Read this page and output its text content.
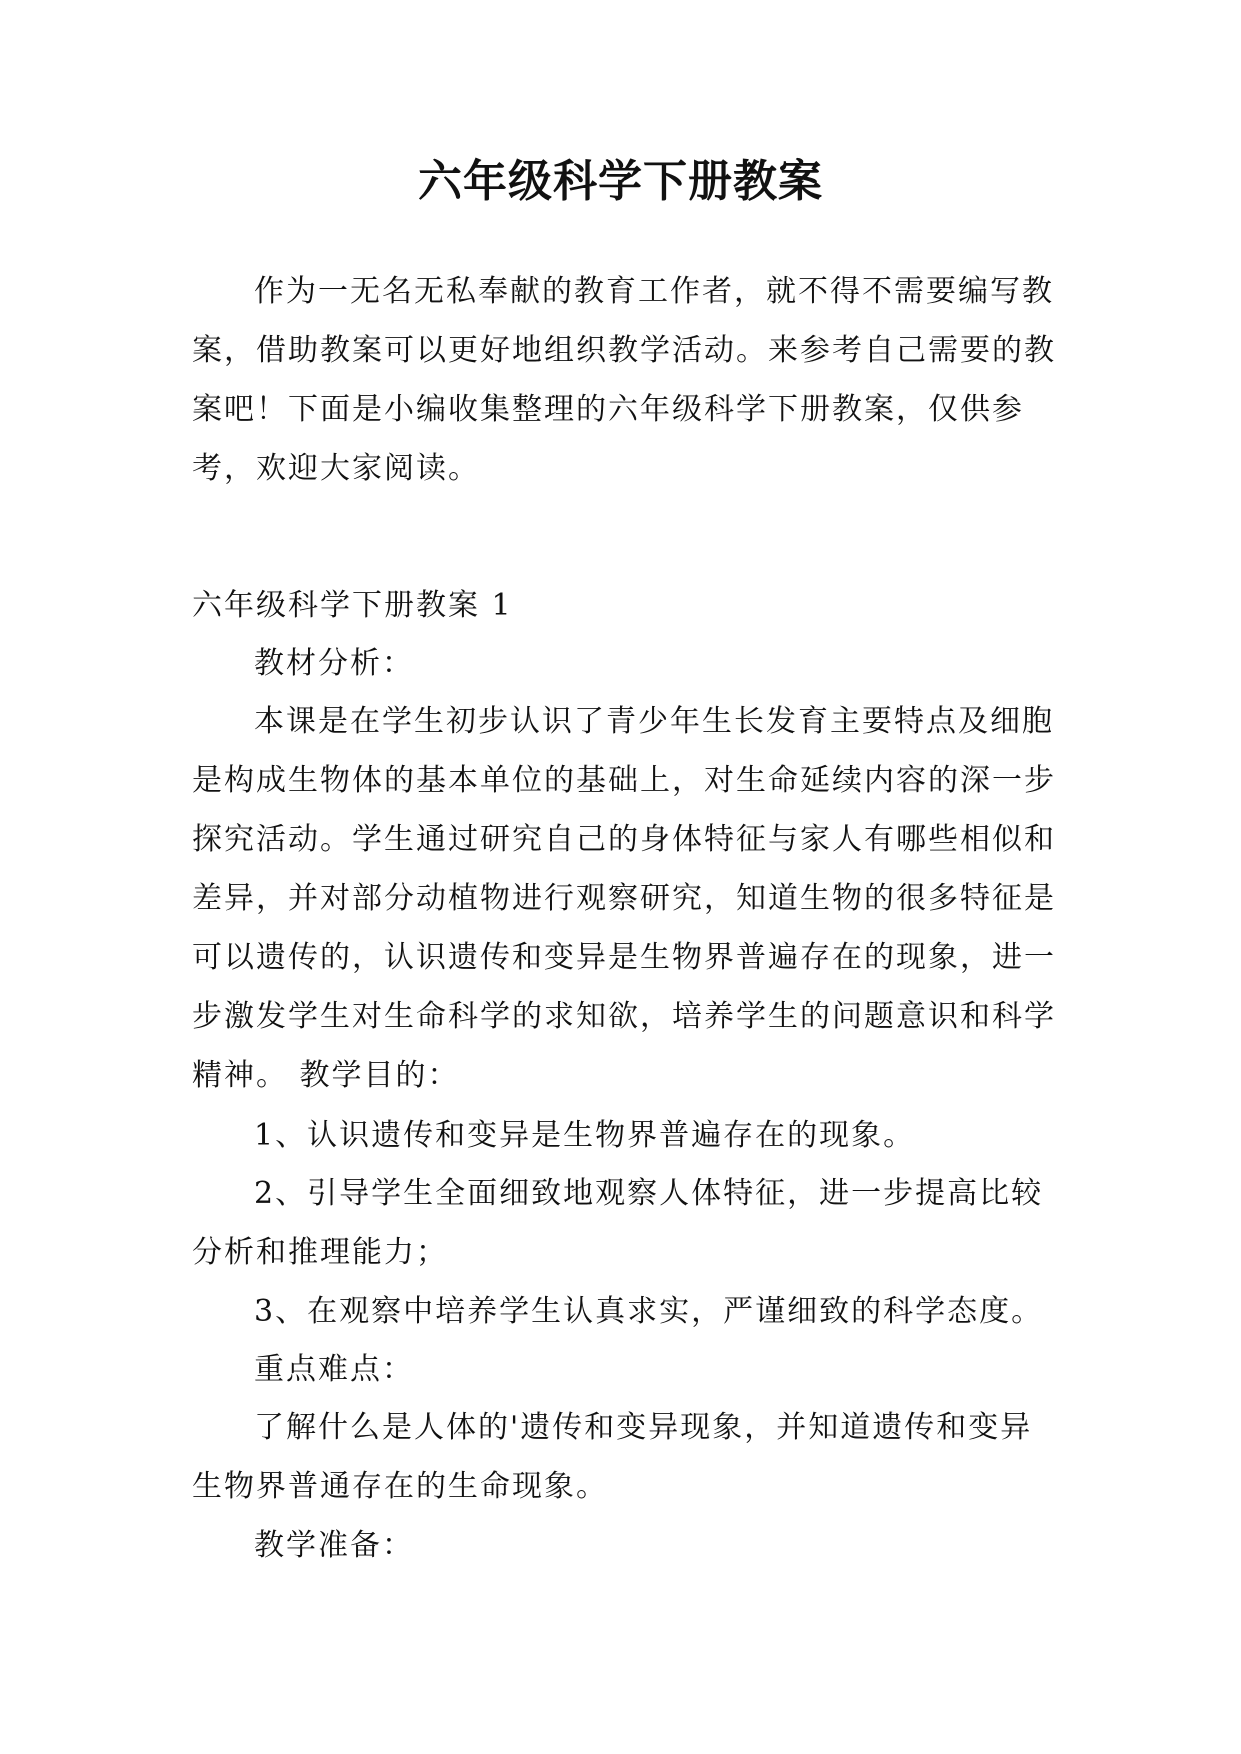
六年级科学下册教案

作为一无名无私奉献的教育工作者，就不得不需要编写教案，借助教案可以更好地组织教学活动。来参考自己需要的教案吧！下面是小编收集整理的六年级科学下册教案，仅供参考，欢迎大家阅读。

六年级科学下册教案 1

教材分析：

本课是在学生初步认识了青少年生长发育主要特点及细胞是构成生物体的基本单位的基础上，对生命延续内容的深一步探究活动。学生通过研究自己的身体特征与家人有哪些相似和差异，并对部分动植物进行观察研究，知道生物的很多特征是可以遗传的，认识遗传和变异是生物界普遍存在的现象，进一步激发学生对生命科学的求知欲，培养学生的问题意识和科学精神。 教学目的：

1、认识遗传和变异是生物界普遍存在的现象。

2、引导学生全面细致地观察人体特征，进一步提高比较分析和推理能力；

3、在观察中培养学生认真求实，严谨细致的科学态度。

重点难点：

了解什么是人体的'遗传和变异现象，并知道遗传和变异生物界普通存在的生命现象。

教学准备：
